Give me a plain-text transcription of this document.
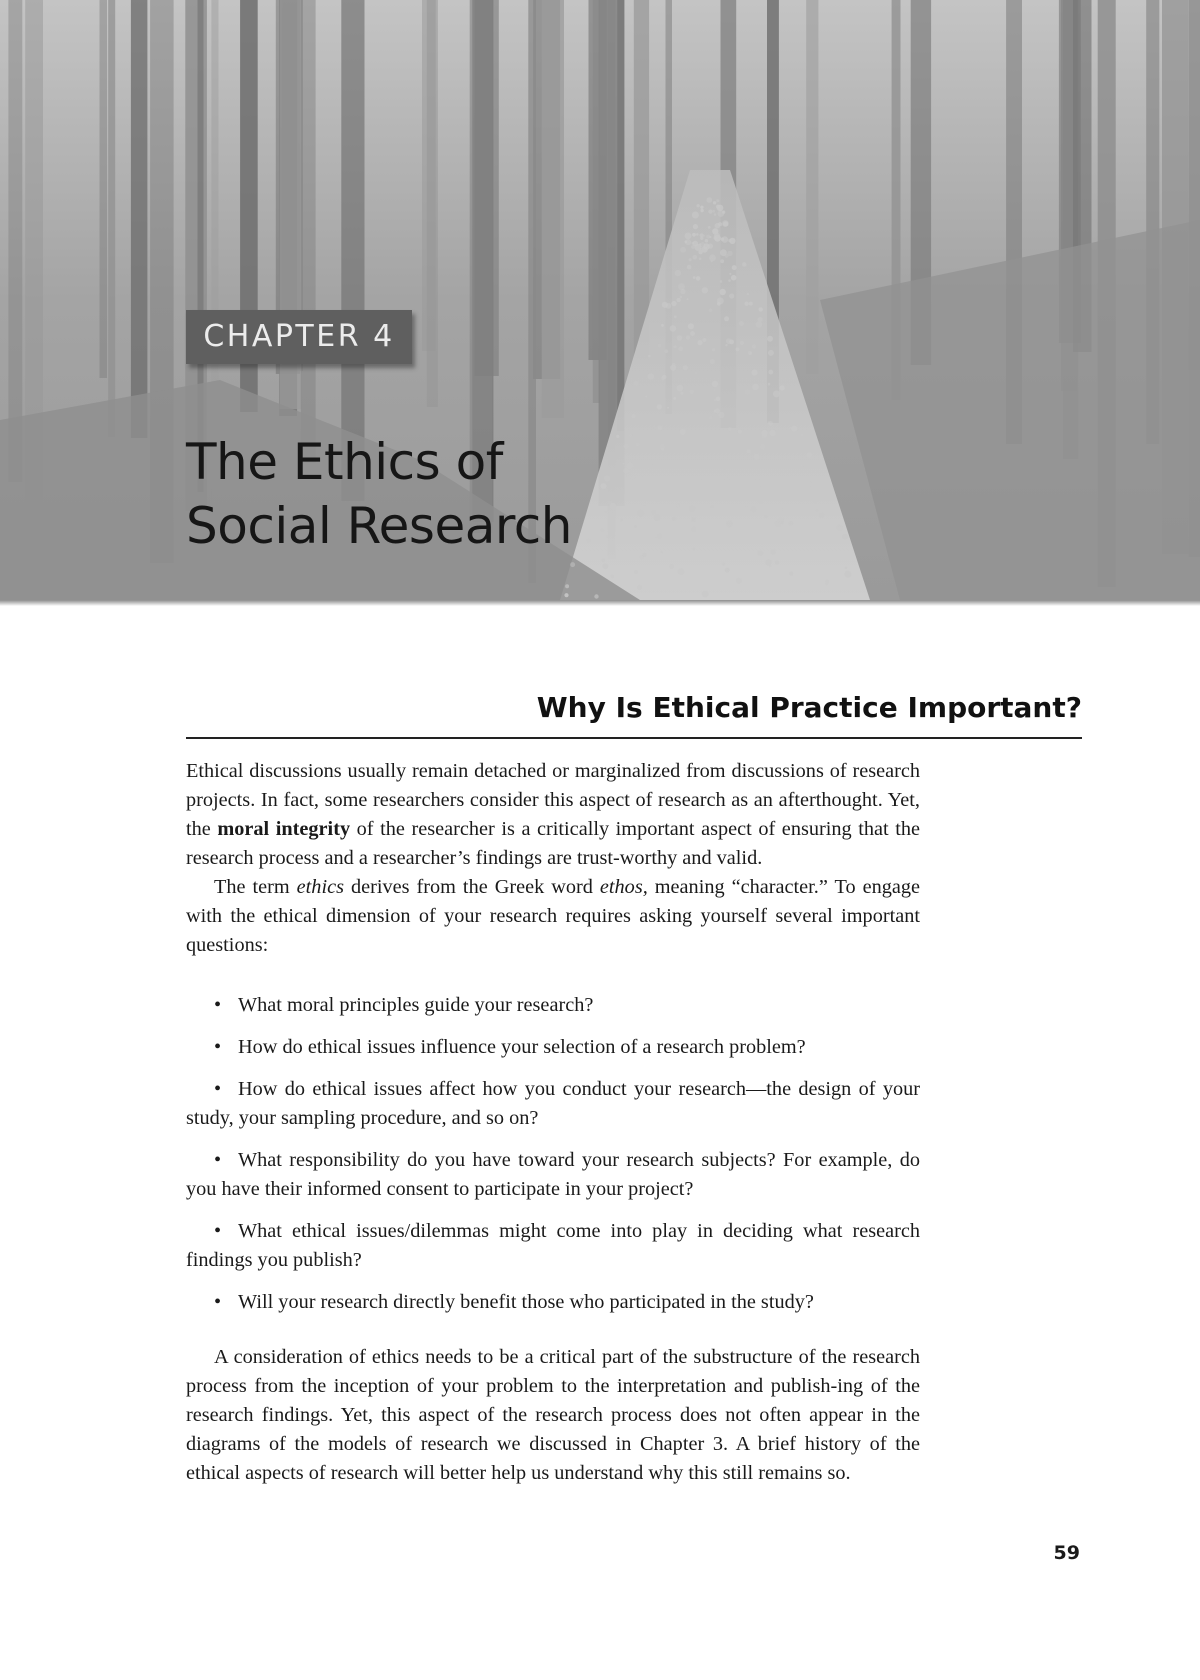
CHAPTER 4
The Ethics of
Social Research
Why Is Ethical Practice Important?

Ethical discussions usually remain detached or marginalized from discussions of research projects. In fact, some researchers consider this aspect of research as an afterthought. Yet, the moral integrity of the researcher is a critically important aspect of ensuring that the research process and a researcher’s findings are trust-worthy and valid.

The term ethics derives from the Greek word ethos, meaning “character.” To engage with the ethical dimension of your research requires asking yourself several important questions:

• What moral principles guide your research?
• How do ethical issues influence your selection of a research problem?
• How do ethical issues affect how you conduct your research—the design of your study, your sampling procedure, and so on?
• What responsibility do you have toward your research subjects? For example, do you have their informed consent to participate in your project?
• What ethical issues/dilemmas might come into play in deciding what research findings you publish?
• Will your research directly benefit those who participated in the study?

A consideration of ethics needs to be a critical part of the substructure of the research process from the inception of your problem to the interpretation and publish-ing of the research findings. Yet, this aspect of the research process does not often appear in the diagrams of the models of research we discussed in Chapter 3. A brief history of the ethical aspects of research will better help us understand why this still remains so.

59
